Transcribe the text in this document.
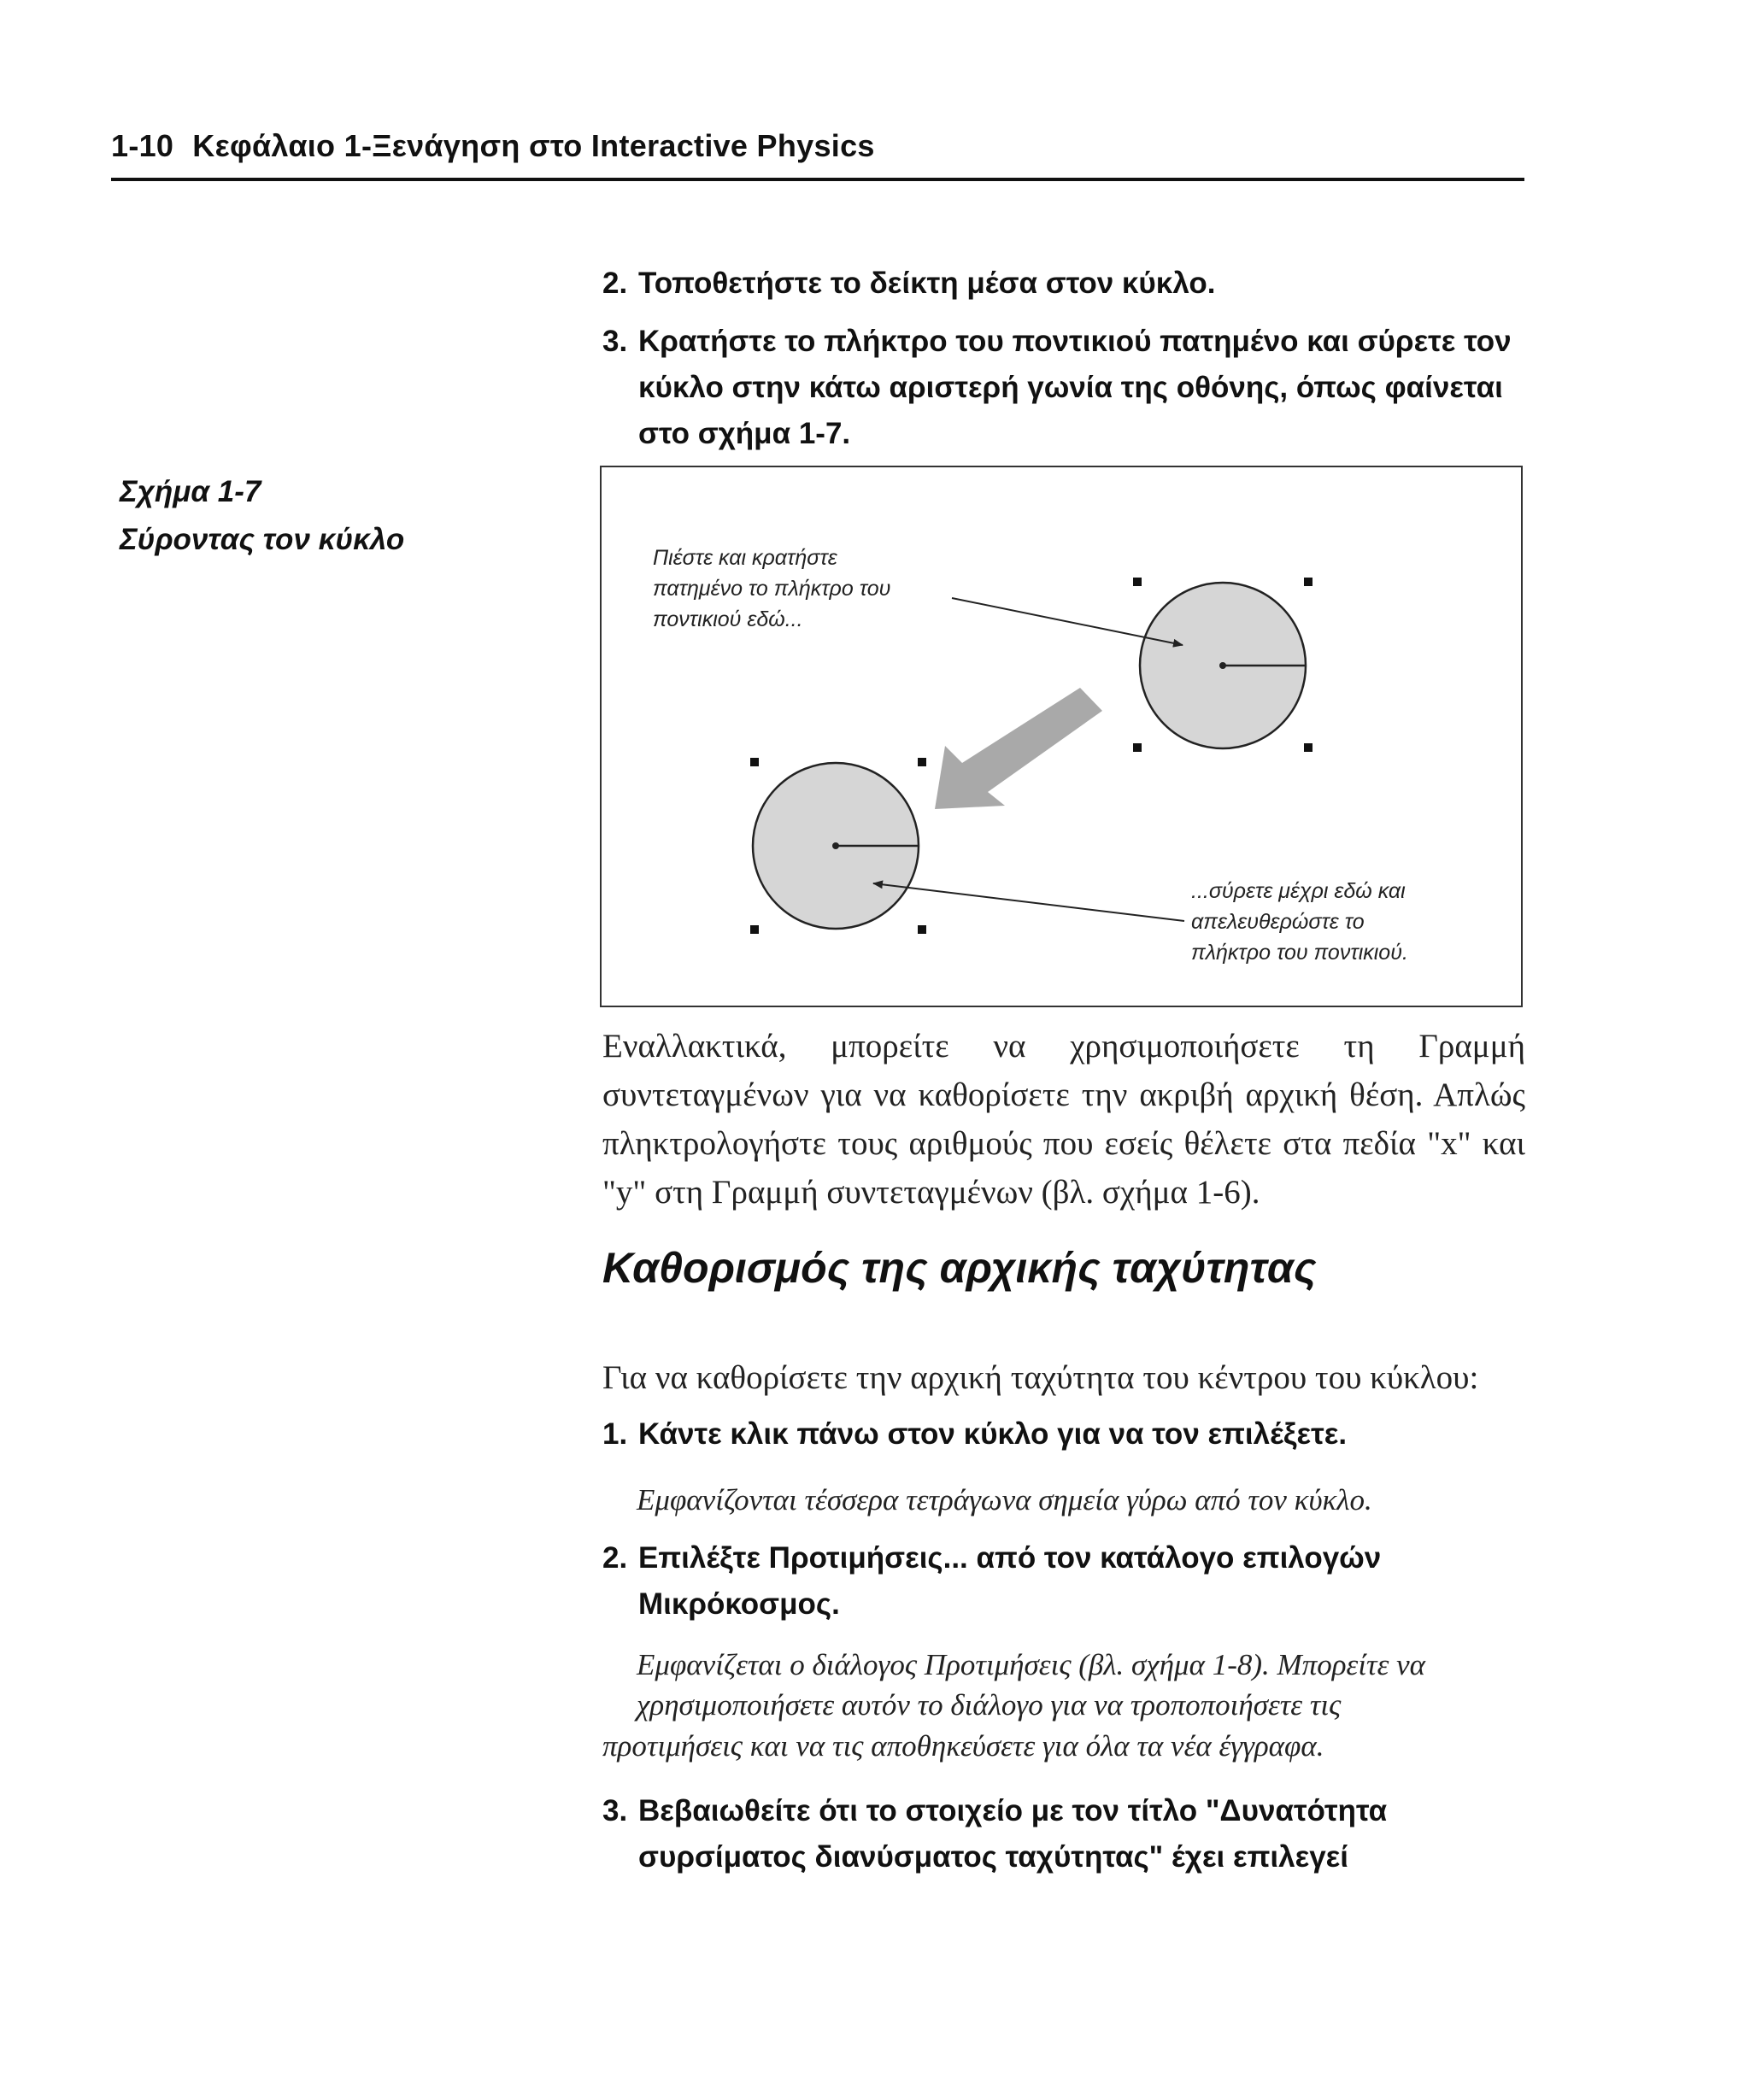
1-10 Κεφάλαιο 1-Ξενάγηση στο Interactive Physics
2. Τοποθετήστε το δείκτη μέσα στον κύκλο.
3. Κρατήστε το πλήκτρο του ποντικιού πατημένο και σύρετε τον κύκλο στην κάτω αριστερή γωνία της οθόνης, όπως φαίνεται στο σχήμα 1-7.
Σχήμα 1-7
Σύροντας τον κύκλο
Πιέστε και κρατήστε
πατημένο το πλήκτρο του
ποντικιού εδώ...
...σύρετε μέχρι εδώ και
απελευθερώστε το
πλήκτρο του ποντικιού.
Εναλλακτικά, μπορείτε να χρησιμοποιήσετε τη Γραμμή συντεταγμένων για να καθορίσετε την ακριβή αρχική θέση. Απλώς πληκτρολογήστε τους αριθμούς που εσείς θέλετε στα πεδία "x" και "y" στη Γραμμή συντεταγμένων (βλ. σχήμα 1-6).
Καθορισμός της αρχικής ταχύτητας
Για να καθορίσετε την αρχική ταχύτητα του κέντρου του κύκλου:
1. Κάντε κλικ πάνω στον κύκλο για να τον επιλέξετε.
Εμφανίζονται τέσσερα τετράγωνα σημεία γύρω από τον κύκλο.
2. Επιλέξτε Προτιμήσεις... από τον κατάλογο επιλογών Μικρόκοσμος.
Εμφανίζεται ο διάλογος Προτιμήσεις (βλ. σχήμα 1-8). Μπορείτε να
χρησιμοποιήσετε αυτόν το διάλογο για να τροποποιήσετε τις
προτιμήσεις και να τις αποθηκεύσετε για όλα τα νέα έγγραφα.
3. Βεβαιωθείτε ότι το στοιχείο με τον τίτλο "Δυνατότητα συρσίματος διανύσματος ταχύτητας" έχει επιλεγεί
